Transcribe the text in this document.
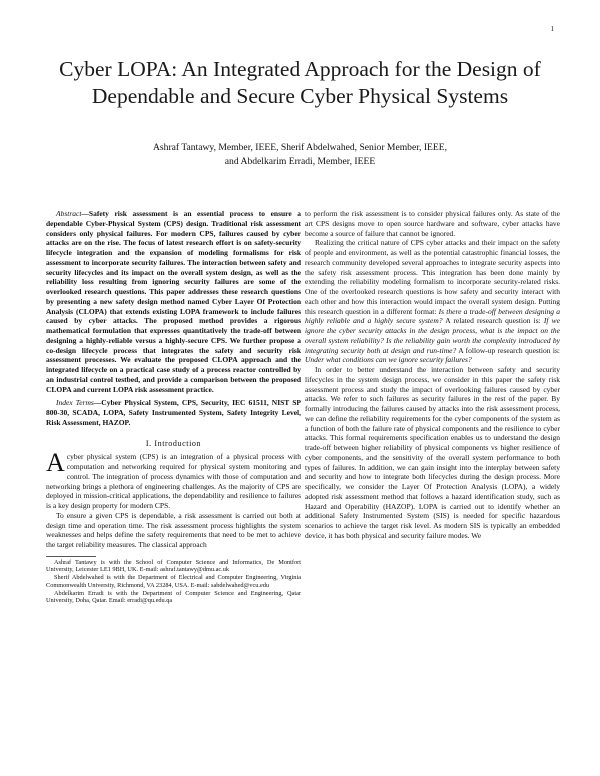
1
Cyber LOPA: An Integrated Approach for the Design of Dependable and Secure Cyber Physical Systems
Ashraf Tantawy, Member, IEEE, Sherif Abdelwahed, Senior Member, IEEE,
and Abdelkarim Erradi, Member, IEEE

Abstract—Safety risk assessment is an essential process to ensure a dependable Cyber-Physical System (CPS) design. Traditional risk assessment considers only physical failures. For modern CPS, failures caused by cyber attacks are on the rise. The focus of latest research effort is on safety-security lifecycle integration and the expansion of modeling formalisms for risk assessment to incorporate security failures. The interaction between safety and security lifecycles and its impact on the overall system design, as well as the reliability loss resulting from ignoring security failures are some of the overlooked research questions. This paper addresses these research questions by presenting a new safety design method named Cyber Layer Of Protection Analysis (CLOPA) that extends existing LOPA framework to include failures caused by cyber attacks. The proposed method provides a rigorous mathematical formulation that expresses quantitatively the trade-off between designing a highly-reliable versus a highly-secure CPS. We further propose a co-design lifecycle process that integrates the safety and security risk assessment processes. We evaluate the proposed CLOPA approach and the integrated lifecycle on a practical case study of a process reactor controlled by an industrial control testbed, and provide a comparison between the proposed CLOPA and current LOPA risk assessment practice.

Index Terms—Cyber Physical System, CPS, Security, IEC 61511, NIST SP 800-30, SCADA, LOPA, Safety Instrumented System, Safety Integrity Level, Risk Assessment, HAZOP.

I. Introduction

Acyber physical system (CPS) is an integration of a physical process with computation and networking required for physical system monitoring and control. The integration of process dynamics with those of computation and networking brings a plethora of engineering challenges. As the majority of CPS are deployed in mission-critical applications, the dependability and resilience to failures is a key design property for modern CPS.

To ensure a given CPS is dependable, a risk assessment is carried out both at design time and operation time. The risk assessment process highlights the system weaknesses and helps define the safety requirements that need to be met to achieve the target reliability measures. The classical approach

Ashraf Tantawy is with the School of Computer Science and Informatics, De Montfort University, Leicester LE1 9BH, UK. E-mail: ashraf.tantawy@dmu.ac.uk

Sherif Abdelwahed is with the Department of Electrical and Computer Engineering, Virginia Commonwealth University, Richmond, VA 23284, USA. E-mail: sabdelwahed@vcu.edu

Abdelkarim Erradi is with the Department of Computer Science and Engineering, Qatar University, Doha, Qatar. Email: erradi@qu.edu.qa

to perform the risk assessment is to consider physical failures only. As state of the art CPS designs move to open source hardware and software, cyber attacks have become a source of failure that cannot be ignored.

Realizing the critical nature of CPS cyber attacks and their impact on the safety of people and environment, as well as the potential catastrophic financial losses, the research community developed several approaches to integrate security aspects into the safety risk assessment process. This integration has been done mainly by extending the reliability modeling formalism to incorporate security-related risks. One of the overlooked research questions is how safety and security interact with each other and how this interaction would impact the overall system design. Putting this research question in a different format: Is there a trade-off between designing a highly reliable and a highly secure system? A related research question is: If we ignore the cyber security attacks in the design process, what is the impact on the overall system reliability? Is the reliability gain worth the complexity introduced by integrating security both at design and run-time? A follow-up research question is: Under what conditions can we ignore security failures?

In order to better understand the interaction between safety and security lifecycles in the system design process, we consider in this paper the safety risk assessment process and study the impact of overlooking failures caused by cyber attacks. We refer to such failures as security failures in the rest of the paper. By formally introducing the failures caused by attacks into the risk assessment process, we can define the reliability requirements for the cyber components of the system as a function of both the failure rate of physical components and the resilience to cyber attacks. This formal requirements specification enables us to understand the design trade-off between higher reliability of physical components vs higher resilience of cyber components, and the sensitivity of the overall system performance to both types of failures. In addition, we can gain insight into the interplay between safety and security and how to integrate both lifecycles during the design process. More specifically, we consider the Layer Of Protection Analysis (LOPA), a widely adopted risk assessment method that follows a hazard identification study, such as Hazard and Operability (HAZOP). LOPA is carried out to identify whether an additional Safety Instrumented System (SIS) is needed for specific hazardous scenarios to achieve the target risk level. As modern SIS is typically an embedded device, it has both physical and security failure modes. We
